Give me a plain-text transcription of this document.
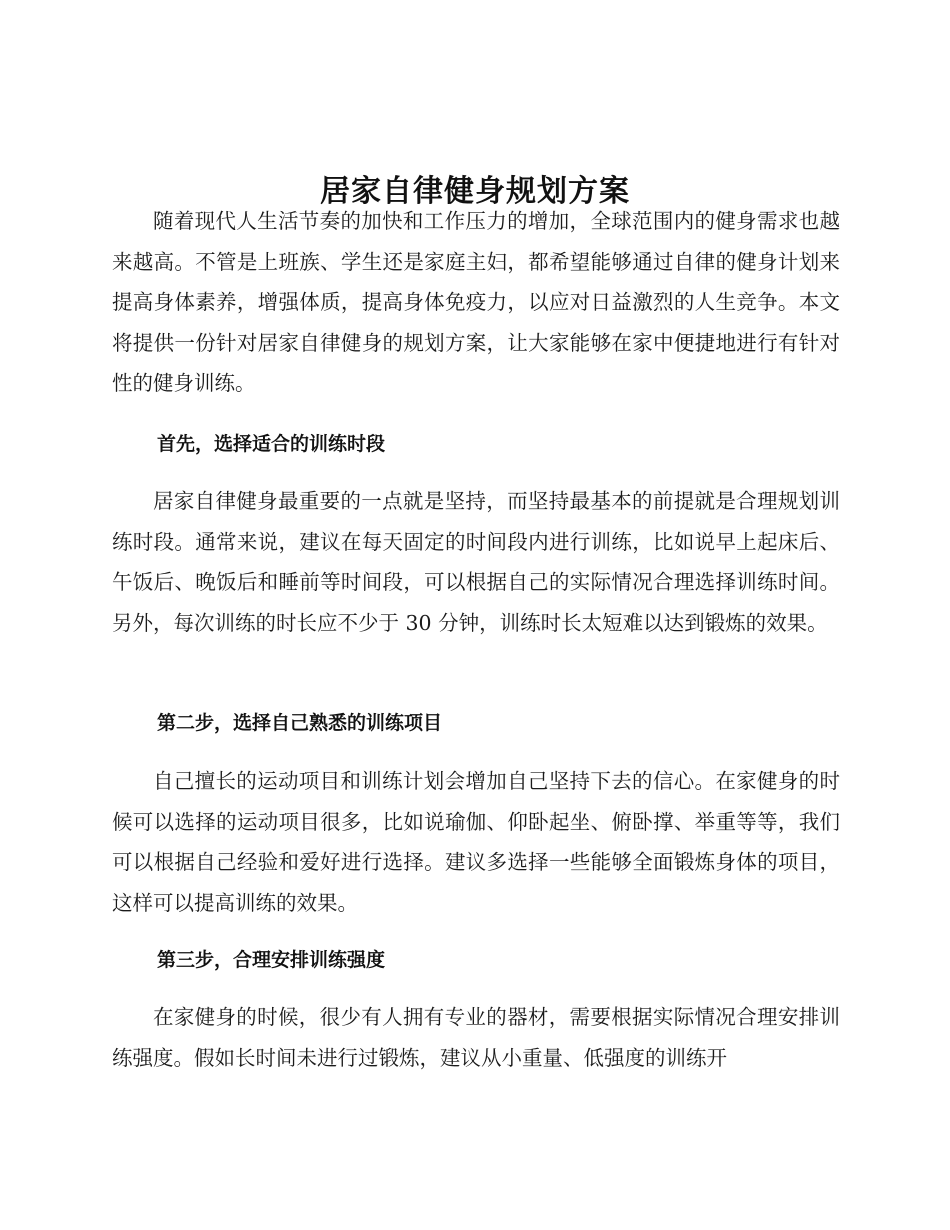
居家自律健身规划方案

随着现代人生活节奏的加快和工作压力的增加，全球范围内的健身需求也越来越高。不管是上班族、学生还是家庭主妇，都希望能够通过自律的健身计划来提高身体素养，增强体质，提高身体免疫力，以应对日益激烈的人生竞争。本文将提供一份针对居家自律健身的规划方案，让大家能够在家中便捷地进行有针对性的健身训练。

首先，选择适合的训练时段

居家自律健身最重要的一点就是坚持，而坚持最基本的前提就是合理规划训练时段。通常来说，建议在每天固定的时间段内进行训练，比如说早上起床后、午饭后、晚饭后和睡前等时间段，可以根据自己的实际情况合理选择训练时间。另外，每次训练的时长应不少于 30 分钟，训练时长太短难以达到锻炼的效果。

第二步，选择自己熟悉的训练项目

自己擅长的运动项目和训练计划会增加自己坚持下去的信心。在家健身的时候可以选择的运动项目很多，比如说瑜伽、仰卧起坐、俯卧撑、举重等等，我们可以根据自己经验和爱好进行选择。建议多选择一些能够全面锻炼身体的项目，这样可以提高训练的效果。

第三步，合理安排训练强度

在家健身的时候，很少有人拥有专业的器材，需要根据实际情况合理安排训练强度。假如长时间未进行过锻炼，建议从小重量、低强度的训练开
